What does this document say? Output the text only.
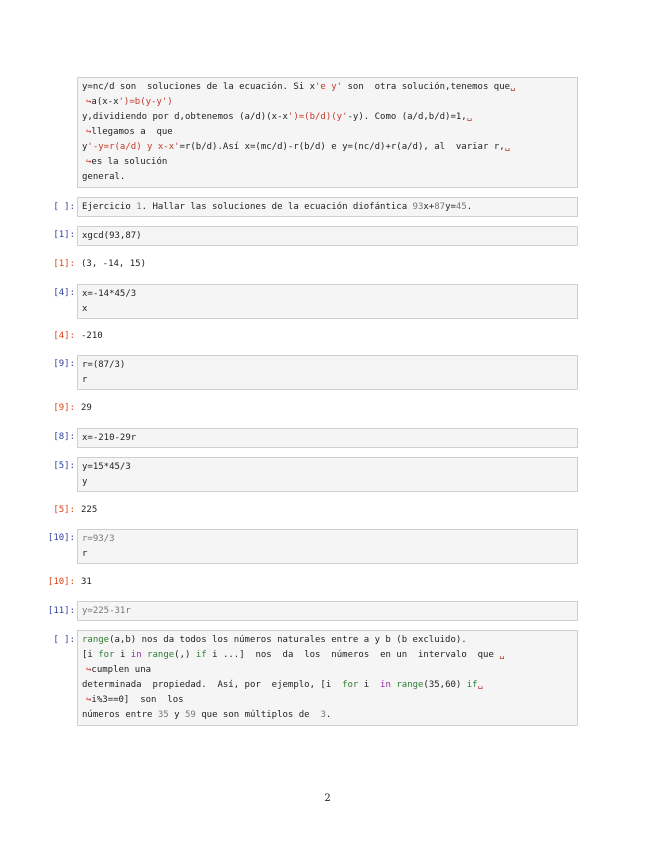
y=nc/d son  soluciones de la ecuación. Si x'e y' son  otra solución,tenemos que␣
↪a(x-x')=b(y-y')
y,dividiendo por d,obtenemos (a/d)(x-x')=(b/d)(y'-y). Como (a/d,b/d)=1,␣
↪llegamos a  que
y'-y=r(a/d) y x-x'=r(b/d).Así x=(mc/d)-r(b/d) e y=(nc/d)+r(a/d), al  variar r,␣
↪es la solución
general.
[ ]: Ejercicio 1. Hallar las soluciones de la ecuación diofántica 93x+87y=45.
[1]: xgcd(93,87)
[1]: (3, -14, 15)
[4]: x=-14*45/3
x
[4]: -210
[9]: r=(87/3)
r
[9]: 29
[8]: x=-210-29r
[5]: y=15*45/3
y
[5]: 225
[10]: r=93/3
r
[10]: 31
[11]: y=225-31r
[ ]: range(a,b) nos da todos los números naturales entre a y b (b excluido).
[i for i in range(,) if i ...]  nos  da  los  números  en un  intervalo  que ␣
↪cumplen una
determinada  propiedad.  Así, por  ejemplo, [i  for i  in range(35,60) if␣
↪i%3==0]  son  los
números entre 35 y 59 que son múltiplos de  3.
2
